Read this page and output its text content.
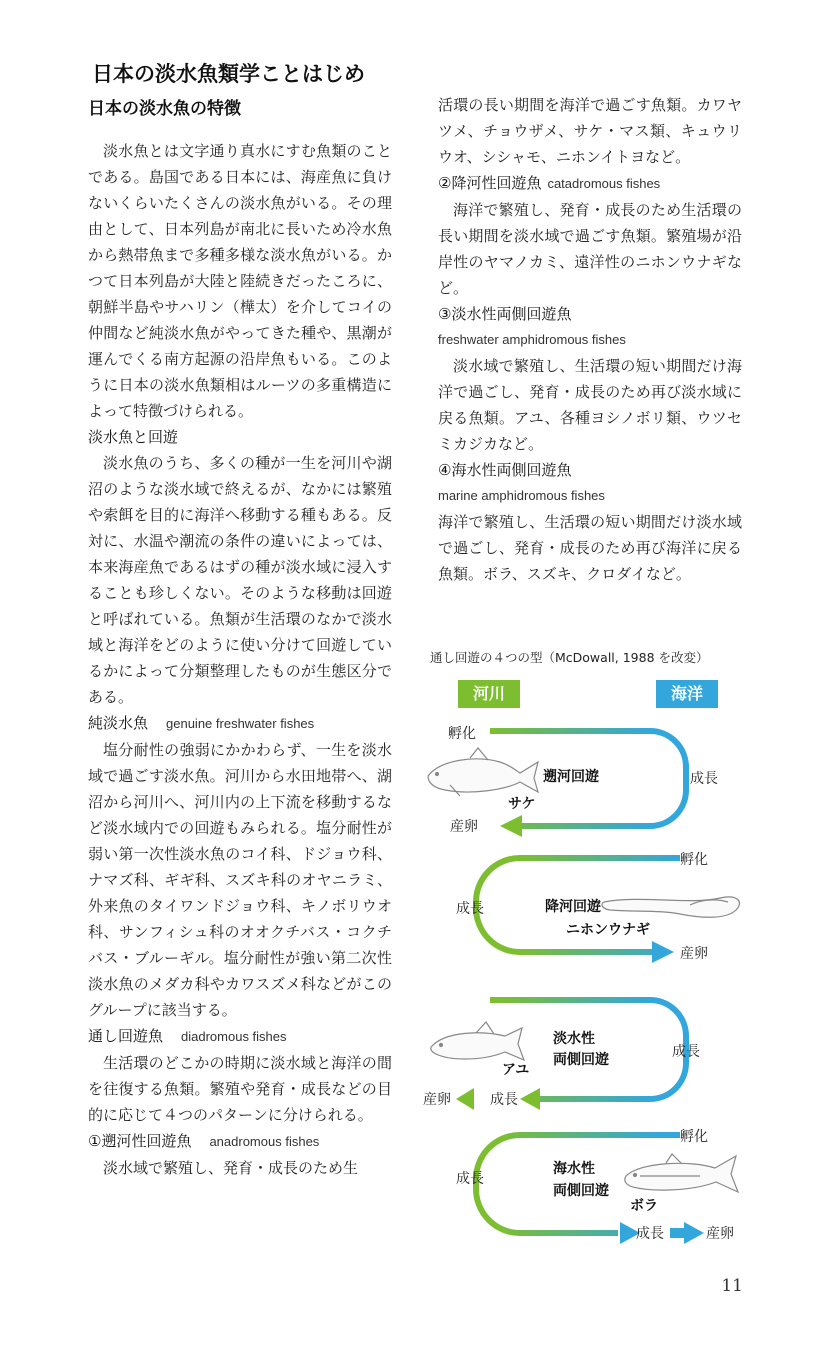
日本の淡水魚類学ことはじめ
日本の淡水魚の特徴

淡水魚とは文字通り真水にすむ魚類のことである。島国である日本には、海産魚に負けないくらいたくさんの淡水魚がいる。その理由として、日本列島が南北に長いため冷水魚から熱帯魚まで多種多様な淡水魚がいる。かつて日本列島が大陸と陸続きだったころに、朝鮮半島やサハリン（樺太）を介してコイの仲間など純淡水魚がやってきた種や、黒潮が運んでくる南方起源の沿岸魚もいる。このように日本の淡水魚類相はルーツの多重構造によって特徴づけられる。

淡水魚と回遊

淡水魚のうち、多くの種が一生を河川や湖沼のような淡水域で終えるが、なかには繁殖や索餌を目的に海洋へ移動する種もある。反対に、水温や潮流の条件の違いによっては、本来海産魚であるはずの種が淡水域に浸入することも珍しくない。そのような移動は回遊と呼ばれている。魚類が生活環のなかで淡水域と海洋をどのように使い分けて回遊しているかによって分類整理したものが生態区分である。

純淡水魚 genuine freshwater fishes

塩分耐性の強弱にかかわらず、一生を淡水域で過ごす淡水魚。河川から水田地帯へ、湖沼から河川へ、河川内の上下流を移動するなど淡水域内での回遊もみられる。塩分耐性が弱い第一次性淡水魚のコイ科、ドジョウ科、ナマズ科、ギギ科、スズキ科のオヤニラミ、外来魚のタイワンドジョウ科、キノボリウオ科、サンフィシュ科のオオクチバス・コクチバス・ブルーギル。塩分耐性が強い第二次性淡水魚のメダカ科やカワスズメ科などがこのグループに該当する。

通し回遊魚 diadromous fishes

生活環のどこかの時期に淡水域と海洋の間を往復する魚類。繁殖や発育・成長などの目的に応じて４つのパターンに分けられる。

①遡河性回遊魚 anadromous fishes

淡水域で繁殖し、発育・成長のため生

活環の長い期間を海洋で過ごす魚類。カワヤツメ、チョウザメ、サケ・マス類、キュウリウオ、シシャモ、ニホンイトヨなど。

②降河性回遊魚 catadromous fishes

海洋で繁殖し、発育・成長のため生活環の長い期間を淡水域で過ごす魚類。繁殖場が沿岸性のヤマノカミ、遠洋性のニホンウナギなど。

③淡水性両側回遊魚
freshwater amphidromous fishes

淡水域で繁殖し、生活環の短い期間だけ海洋で過ごし、発育・成長のため再び淡水域に戻る魚類。アユ、各種ヨシノボリ類、ウツセミカジカなど。

④海水性両側回遊魚
marine amphidromous fishes

海洋で繁殖し、生活環の短い期間だけ淡水域で過ごし、発育・成長のため再び海洋に戻る魚類。ボラ、スズキ、クロダイなど。

通し回遊の４つの型（McDowall, 1988 を改変）
河川	海洋
孵化
遡河回遊
サケ
成長
産卵
孵化
降河回遊
ニホンウナギ
成長
産卵
淡水性
両側回遊
アユ
成長
成長
産卵
孵化
海水性
両側回遊
ボラ
成長
成長	産卵
11
